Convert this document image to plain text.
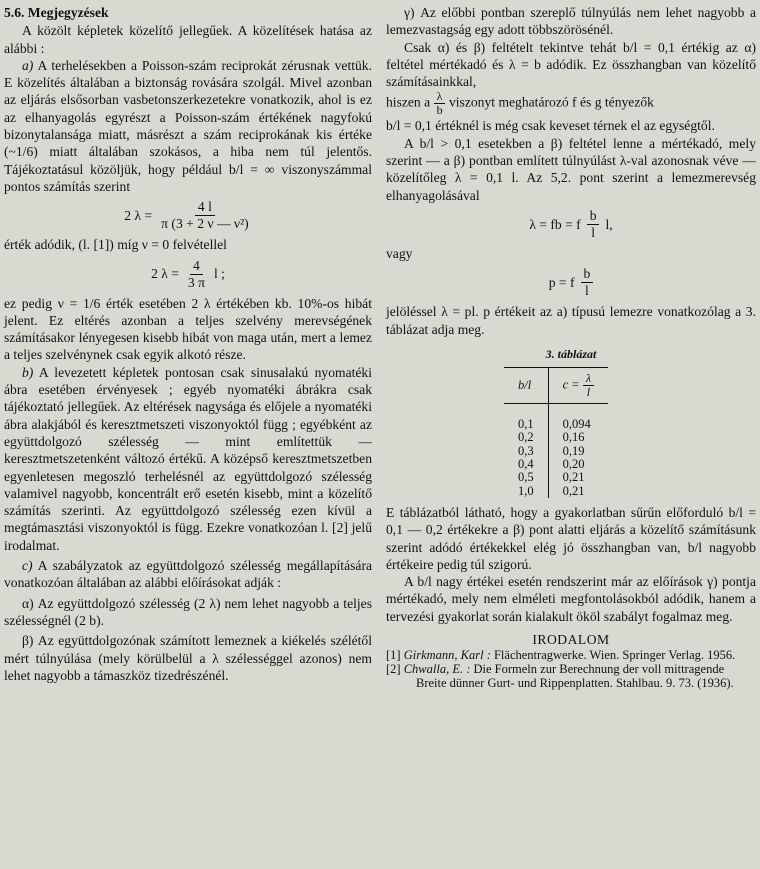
5.6. Megjegyzések

A közölt képletek közelítő jellegűek. A közelítések hatása az alábbi :

a) A terhelésekben a Poisson-szám reciprokát zérusnak vettük. E közelítés általában a biztonság rovására szolgál. Mivel azonban az eljárás elsősorban vasbetonszerkezetekre vonatkozik, ahol is ez az elhanyagolás egyrészt a Poisson-szám értékének nagyfokú bizonytalansága miatt, másrészt a szám reciprokának kis értéke (~1/6) miatt általában szokásos, a hiba nem túl jelentős. Tájékoztatásul közöljük, hogy például b/l = ∞ viszonyszámmal pontos számítás szerint

2 $\lambda = \frac{4 l}{\text{π (3 + 2 ν — ν²)}}$

érték adódik, (l. [1]) míg ν = 0 felvétellel

2 $\lambda = \frac{4}{3 \pi}$ l ;

ez pedig ν = 1/6 érték esetében 2 λ értékében kb. 10%-os hibát jelent. Ez eltérés azonban a teljes szelvény merevségének számításakor lényegesen kisebb hibát von maga után, mert a lemez a teljes szelvénynek csak egyik alkotó része.

b) A levezetett képletek pontosan csak sinusalakú nyomatéki ábra esetében érvényesek ; egyéb nyomatéki ábrákra csak tájékoztató jellegűek. Az eltérések nagysága és előjele a nyomatéki ábra alakjából és keresztmetszeti viszonyoktól függ ; egyébként az együttdolgozó szélesség — mint említettük — keresztmetszetenként változó értékű. A középső keresztmetszetben egyenletesen megoszló terhelésnél az együttdolgozó szélesség valamivel nagyobb, koncentrált erő esetén kisebb, mint a közelítő számítás szerinti. Az együttdolgozó szélesség ezen kívül a megtámasztási viszonyoktól is függ. Ezekre vonatkozóan l. [2] jelű irodalmat.

c) A szabályzatok az együttdolgozó szélesség megállapítására vonatkozóan általában az alábbi előírásokat adják :

α) Az együttdolgozó szélesség (2 λ) nem lehet nagyobb a teljes szélességnél (2 b).

β) Az együttdolgozónak számított lemeznek a kiékelés szélétől mért túlnyúlása (mely körülbelül a λ szélességgel azonos) nem lehet nagyobb a támaszköz tizedrészénél.

γ) Az előbbi pontban szereplő túlnyúlás nem lehet nagyobb a lemezvastagság egy adott többszörösénél.

Csak α) és β) feltételt tekintve tehát b/l = 0,1 értékig az α) feltétel mértékadó és λ = b adódik. Ez összhangban van közelítő számításainkkal,

hiszen a $\frac{\lambda}{b}$ viszonyt meghatározó f és g tényezők

b/l = 0,1 értéknél is még csak keveset térnek el az egységtől.

A b/l > 0,1 esetekben a β) feltétel lenne a mértékadó, mely szerint — a β) pontban említett túlnyúlást λ-val azonosnak véve — közelítőleg λ = 0,1 l. Az 5,2. pont szerint a lemezmerevség elhanyagolásával

λ = fb = f $\frac{b}{l} l$,

vagy

p = f $\frac{b}{l}$

jelöléssel λ = pl. p értékeit az a) típusú lemezre vonatkozólag a 3. táblázat adja meg.

3. táblázat
b/l	$c = \frac{\lambda}{l}$

0,1	0,094
0,2	0,16
0,3	0,19
0,4	0,20
0,5	0,21
1,0	0,21

E táblázatból látható, hogy a gyakorlatban sűrűn előforduló b/l = 0,1 — 0,2 értékekre a β) pont alatti eljárás a közelítő számításunk szerint adódó értékekkel elég jó összhangban van, b/l nagyobb értékeire pedig túl szigorú.

A b/l nagy értékei esetén rendszerint már az előírások γ) pontja mértékadó, mely nem elméleti megfontolásokból adódik, hanem a tervezési gyakorlat során kialakult ököl szabályt fogalmaz meg.

IRODALOM

[1] Girkmann, Karl : Flächentragwerke. Wien. Springer Verlag. 1956.

[2] Chwalla, E. : Die Formeln zur Berechnung der voll mittragende Breite dünner Gurt- und Rippenplatten. Stahlbau. 9. 73. (1936).
